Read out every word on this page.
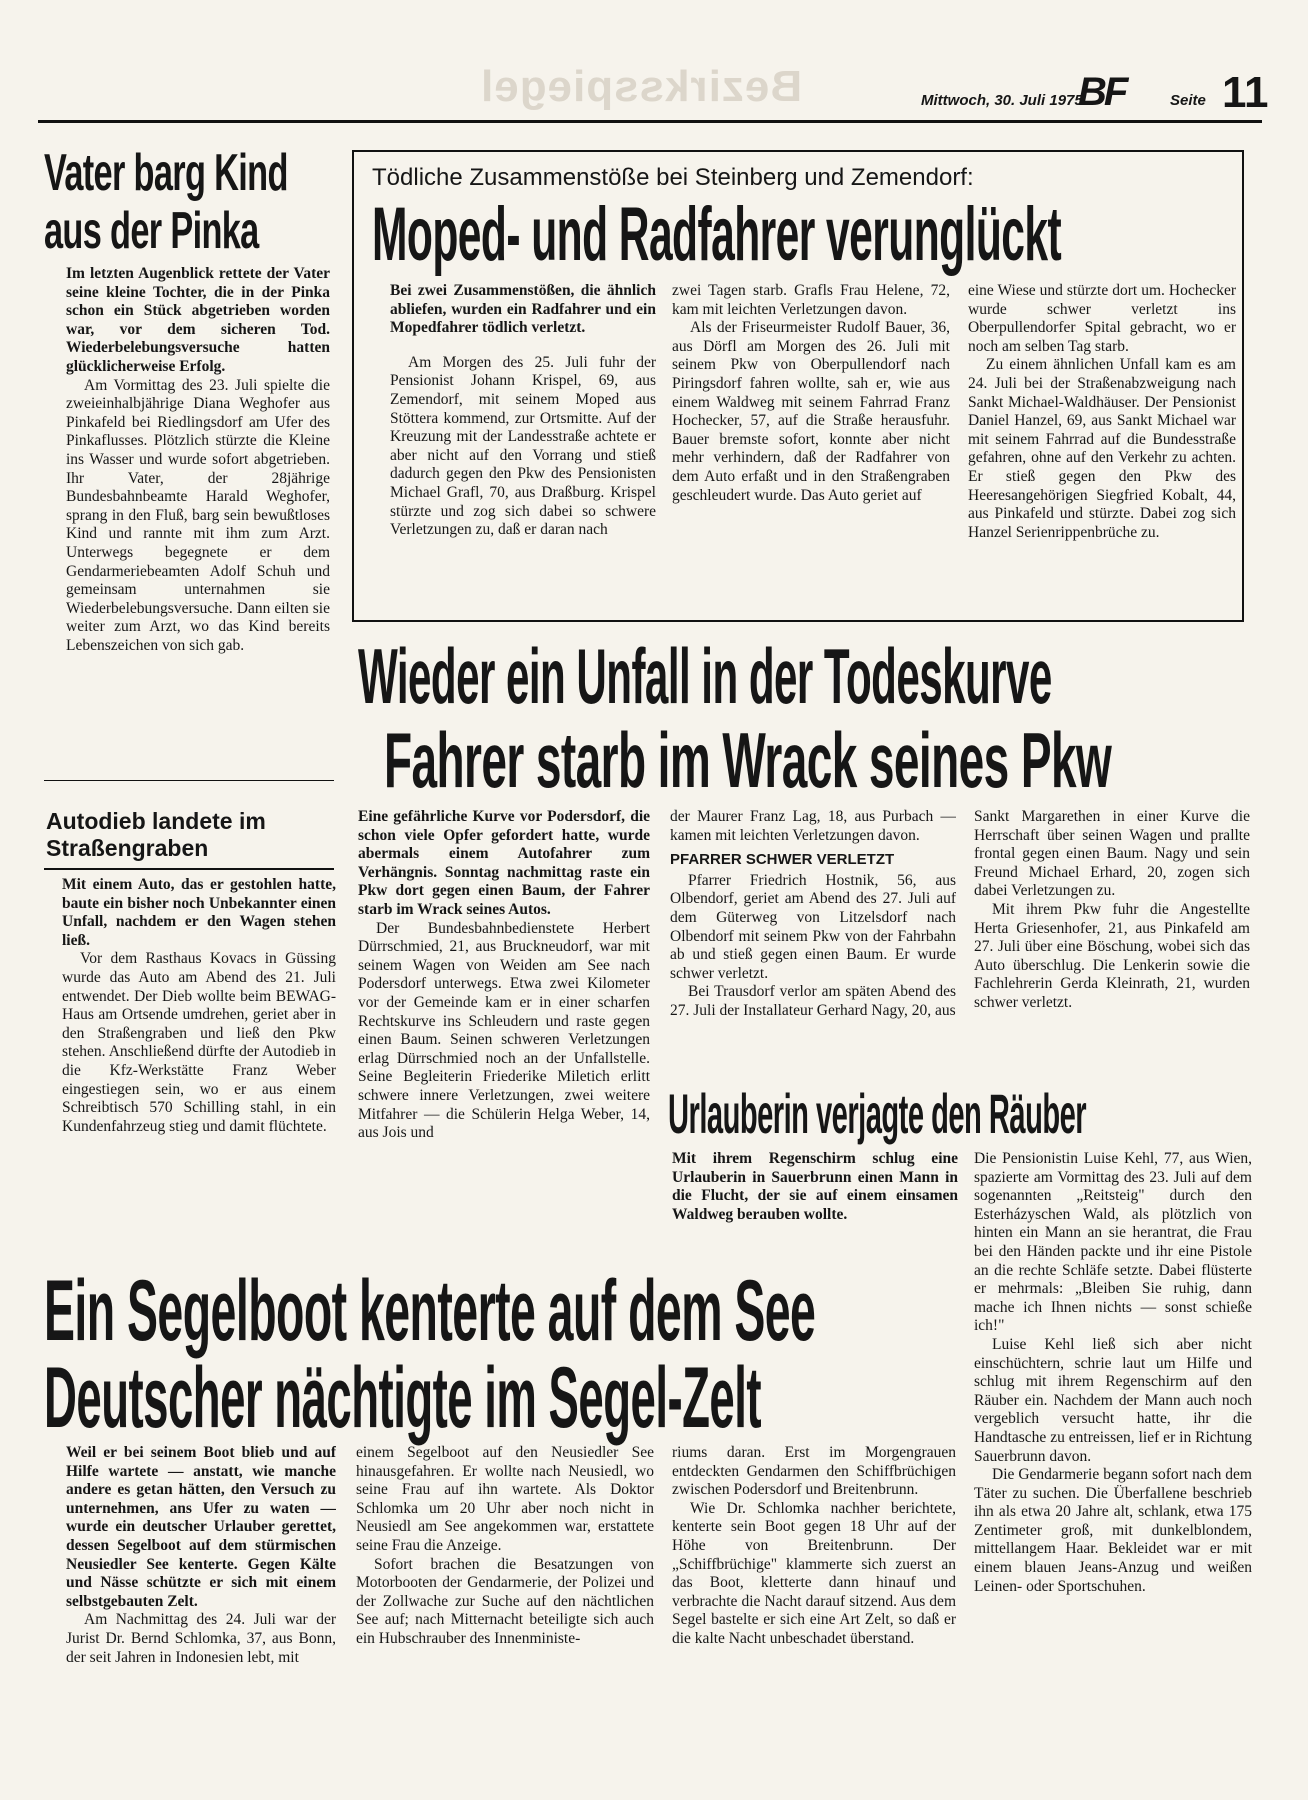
Bezirksspiegel	Mittwoch, 30. Juli 1975
BF	Seite 11
Vater barg Kind
aus der Pinka

Im letzten Augenblick rettete der Vater seine kleine Tochter, die in der Pinka schon ein Stück abgetrieben worden war, vor dem sicheren Tod. Wiederbelebungsversuche hatten glücklicherweise Erfolg.

Am Vormittag des 23. Juli spielte die zweieinhalbjährige Diana Weghofer aus Pinkafeld bei Riedlingsdorf am Ufer des Pinkaflusses. Plötzlich stürzte die Kleine ins Wasser und wurde sofort abgetrieben. Ihr Vater, der 28jährige Bundesbahnbeamte Harald Weghofer, sprang in den Fluß, barg sein bewußtloses Kind und rannte mit ihm zum Arzt. Unterwegs begegnete er dem Gendarmeriebeamten Adolf Schuh und gemeinsam unternahmen sie Wiederbelebungsversuche. Dann eilten sie weiter zum Arzt, wo das Kind bereits Lebenszeichen von sich gab.

Tödliche Zusammenstöße bei Steinberg und Zemendorf:
Moped- und Radfahrer verunglückt

Bei zwei Zusammenstößen, die ähnlich abliefen, wurden ein Radfahrer und ein Mopedfahrer tödlich verletzt.

Am Morgen des 25. Juli fuhr der Pensionist Johann Krispel, 69, aus Zemendorf, mit seinem Moped aus Stöttera kommend, zur Ortsmitte. Auf der Kreuzung mit der Landesstraße achtete er aber nicht auf den Vorrang und stieß dadurch gegen den Pkw des Pensionisten Michael Grafl, 70, aus Draßburg. Krispel stürzte und zog sich dabei so schwere Verletzungen zu, daß er daran nach

zwei Tagen starb. Grafls Frau Helene, 72, kam mit leichten Verletzungen davon.

Als der Friseurmeister Rudolf Bauer, 36, aus Dörfl am Morgen des 26. Juli mit seinem Pkw von Oberpullendorf nach Piringsdorf fahren wollte, sah er, wie aus einem Waldweg mit seinem Fahrrad Franz Hochecker, 57, auf die Straße herausfuhr. Bauer bremste sofort, konnte aber nicht mehr verhindern, daß der Radfahrer von dem Auto erfaßt und in den Straßengraben geschleudert wurde. Das Auto geriet auf

eine Wiese und stürzte dort um. Hochecker wurde schwer verletzt ins Oberpullendorfer Spital gebracht, wo er noch am selben Tag starb.

Zu einem ähnlichen Unfall kam es am 24. Juli bei der Straßenabzweigung nach Sankt Michael-Waldhäuser. Der Pensionist Daniel Hanzel, 69, aus Sankt Michael war mit seinem Fahrrad auf die Bundesstraße gefahren, ohne auf den Verkehr zu achten. Er stieß gegen den Pkw des Heeresangehörigen Siegfried Kobalt, 44, aus Pinkafeld und stürzte. Dabei zog sich Hanzel Serienrippenbrüche zu.

Wieder ein Unfall in der Todeskurve
Fahrer starb im Wrack seines Pkw

Eine gefährliche Kurve vor Podersdorf, die schon viele Opfer gefordert hatte, wurde abermals einem Autofahrer zum Verhängnis. Sonntag nachmittag raste ein Pkw dort gegen einen Baum, der Fahrer starb im Wrack seines Autos.

Der Bundesbahnbedienstete Herbert Dürrschmied, 21, aus Bruckneudorf, war mit seinem Wagen von Weiden am See nach Podersdorf unterwegs. Etwa zwei Kilometer vor der Gemeinde kam er in einer scharfen Rechtskurve ins Schleudern und raste gegen einen Baum. Seinen schweren Verletzungen erlag Dürrschmied noch an der Unfallstelle. Seine Begleiterin Friederike Miletich erlitt schwere innere Verletzungen, zwei weitere Mitfahrer — die Schülerin Helga Weber, 14, aus Jois und

der Maurer Franz Lag, 18, aus Purbach — kamen mit leichten Verletzungen davon.

PFARRER SCHWER VERLETZT

Pfarrer Friedrich Hostnik, 56, aus Olbendorf, geriet am Abend des 27. Juli auf dem Güterweg von Litzelsdorf nach Olbendorf mit seinem Pkw von der Fahrbahn ab und stieß gegen einen Baum. Er wurde schwer verletzt.

Bei Trausdorf verlor am späten Abend des 27. Juli der Installateur Gerhard Nagy, 20, aus

Sankt Margarethen in einer Kurve die Herrschaft über seinen Wagen und prallte frontal gegen einen Baum. Nagy und sein Freund Michael Erhard, 20, zogen sich dabei Verletzungen zu.

Mit ihrem Pkw fuhr die Angestellte Herta Griesenhofer, 21, aus Pinkafeld am 27. Juli über eine Böschung, wobei sich das Auto überschlug. Die Lenkerin sowie die Fachlehrerin Gerda Kleinrath, 21, wurden schwer verletzt.

Autodieb landete im
Straßengraben

Mit einem Auto, das er gestohlen hatte, baute ein bisher noch Unbekannter einen Unfall, nachdem er den Wagen stehen ließ.

Vor dem Rasthaus Kovacs in Güssing wurde das Auto am Abend des 21. Juli entwendet. Der Dieb wollte beim BEWAG-Haus am Ortsende umdrehen, geriet aber in den Straßengraben und ließ den Pkw stehen. Anschließend dürfte der Autodieb in die Kfz-Werkstätte Franz Weber eingestiegen sein, wo er aus einem Schreibtisch 570 Schilling stahl, in ein Kundenfahrzeug stieg und damit flüchtete.	Urlauberin verjagte den Räuber

Mit ihrem Regenschirm schlug eine Urlauberin in Sauerbrunn einen Mann in die Flucht, der sie auf einem einsamen Waldweg berauben wollte.

Die Pensionistin Luise Kehl, 77, aus Wien, spazierte am Vormittag des 23. Juli auf dem sogenannten „Reitsteig" durch den Esterházyschen Wald, als plötzlich von hinten ein Mann an sie herantrat, die Frau bei den Händen packte und ihr eine Pistole an die rechte Schläfe setzte. Dabei flüsterte er mehrmals: „Bleiben Sie ruhig, dann mache ich Ihnen nichts — sonst schieße ich!"

Luise Kehl ließ sich aber nicht einschüchtern, schrie laut um Hilfe und schlug mit ihrem Regenschirm auf den Räuber ein. Nachdem der Mann auch noch vergeblich versucht hatte, ihr die Handtasche zu entreissen, lief er in Richtung Sauerbrunn davon.

Die Gendarmerie begann sofort nach dem Täter zu suchen. Die Überfallene beschrieb ihn als etwa 20 Jahre alt, schlank, etwa 175 Zentimeter groß, mit dunkelblondem, mittellangem Haar. Bekleidet war er mit einem blauen Jeans-Anzug und weißen Leinen- oder Sportschuhen.

Ein Segelboot kenterte auf dem See
Deutscher nächtigte im Segel-Zelt

Weil er bei seinem Boot blieb und auf Hilfe wartete — anstatt, wie manche andere es getan hätten, den Versuch zu unternehmen, ans Ufer zu waten — wurde ein deutscher Urlauber gerettet, dessen Segelboot auf dem stürmischen Neusiedler See kenterte. Gegen Kälte und Nässe schützte er sich mit einem selbstgebauten Zelt.

Am Nachmittag des 24. Juli war der Jurist Dr. Bernd Schlomka, 37, aus Bonn, der seit Jahren in Indonesien lebt, mit

einem Segelboot auf den Neusiedler See hinausgefahren. Er wollte nach Neusiedl, wo seine Frau auf ihn wartete. Als Doktor Schlomka um 20 Uhr aber noch nicht in Neusiedl am See angekommen war, erstattete seine Frau die Anzeige.

Sofort brachen die Besatzungen von Motorbooten der Gendarmerie, der Polizei und der Zollwache zur Suche auf den nächtlichen See auf; nach Mitternacht beteiligte sich auch ein Hubschrauber des Innenministe-

riums daran. Erst im Morgengrauen entdeckten Gendarmen den Schiffbrüchigen zwischen Podersdorf und Breitenbrunn.

Wie Dr. Schlomka nachher berichtete, kenterte sein Boot gegen 18 Uhr auf der Höhe von Breitenbrunn. Der „Schiffbrüchige" klammerte sich zuerst an das Boot, kletterte dann hinauf und verbrachte die Nacht darauf sitzend. Aus dem Segel bastelte er sich eine Art Zelt, so daß er die kalte Nacht unbeschadet überstand.
